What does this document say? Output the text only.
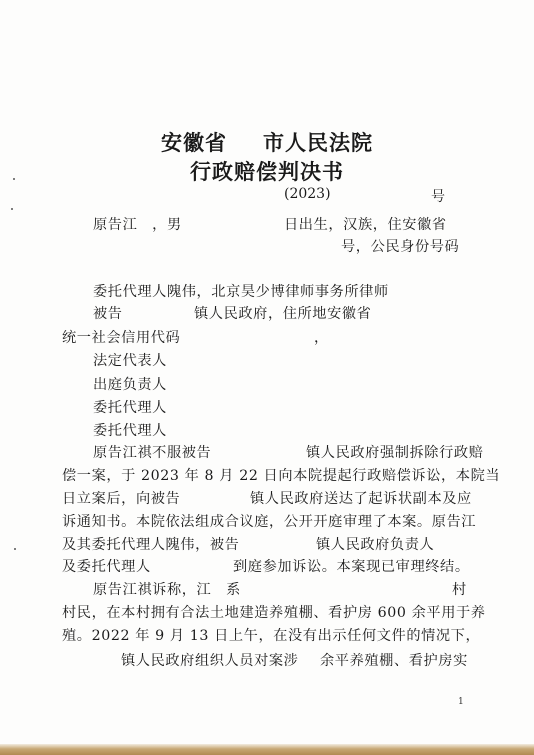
安徽省 市人民法院
行政赔偿判决书
(2023)	号
原告江　，男	日出生，汉族，住安徽省
号，公民身份号码
委托代理人隗伟，北京昊少博律师事务所律师
被告	镇人民政府，住所地安徽省
统一社会信用代码	，
法定代表人
出庭负责人
委托代理人
委托代理人
原告江祺不服被告	镇人民政府强制拆除行政赔
偿一案，于 2023 年 8 月 22 日向本院提起行政赔偿诉讼，本院当
日立案后，向被告	镇人民政府送达了起诉状副本及应
诉通知书。本院依法组成合议庭，公开开庭审理了本案。原告江
及其委托代理人隗伟，被告	镇人民政府负责人
及委托代理人	到庭参加诉讼。本案现已审理终结。
原告江祺诉称，江　系	村
村民，在本村拥有合法土地建造养殖棚、看护房 600 余平用于养
殖。2022 年 9 月 13 日上午，在没有出示任何文件的情况下，
镇人民政府组织人员对案涉 余平养殖棚、看护房实
1
